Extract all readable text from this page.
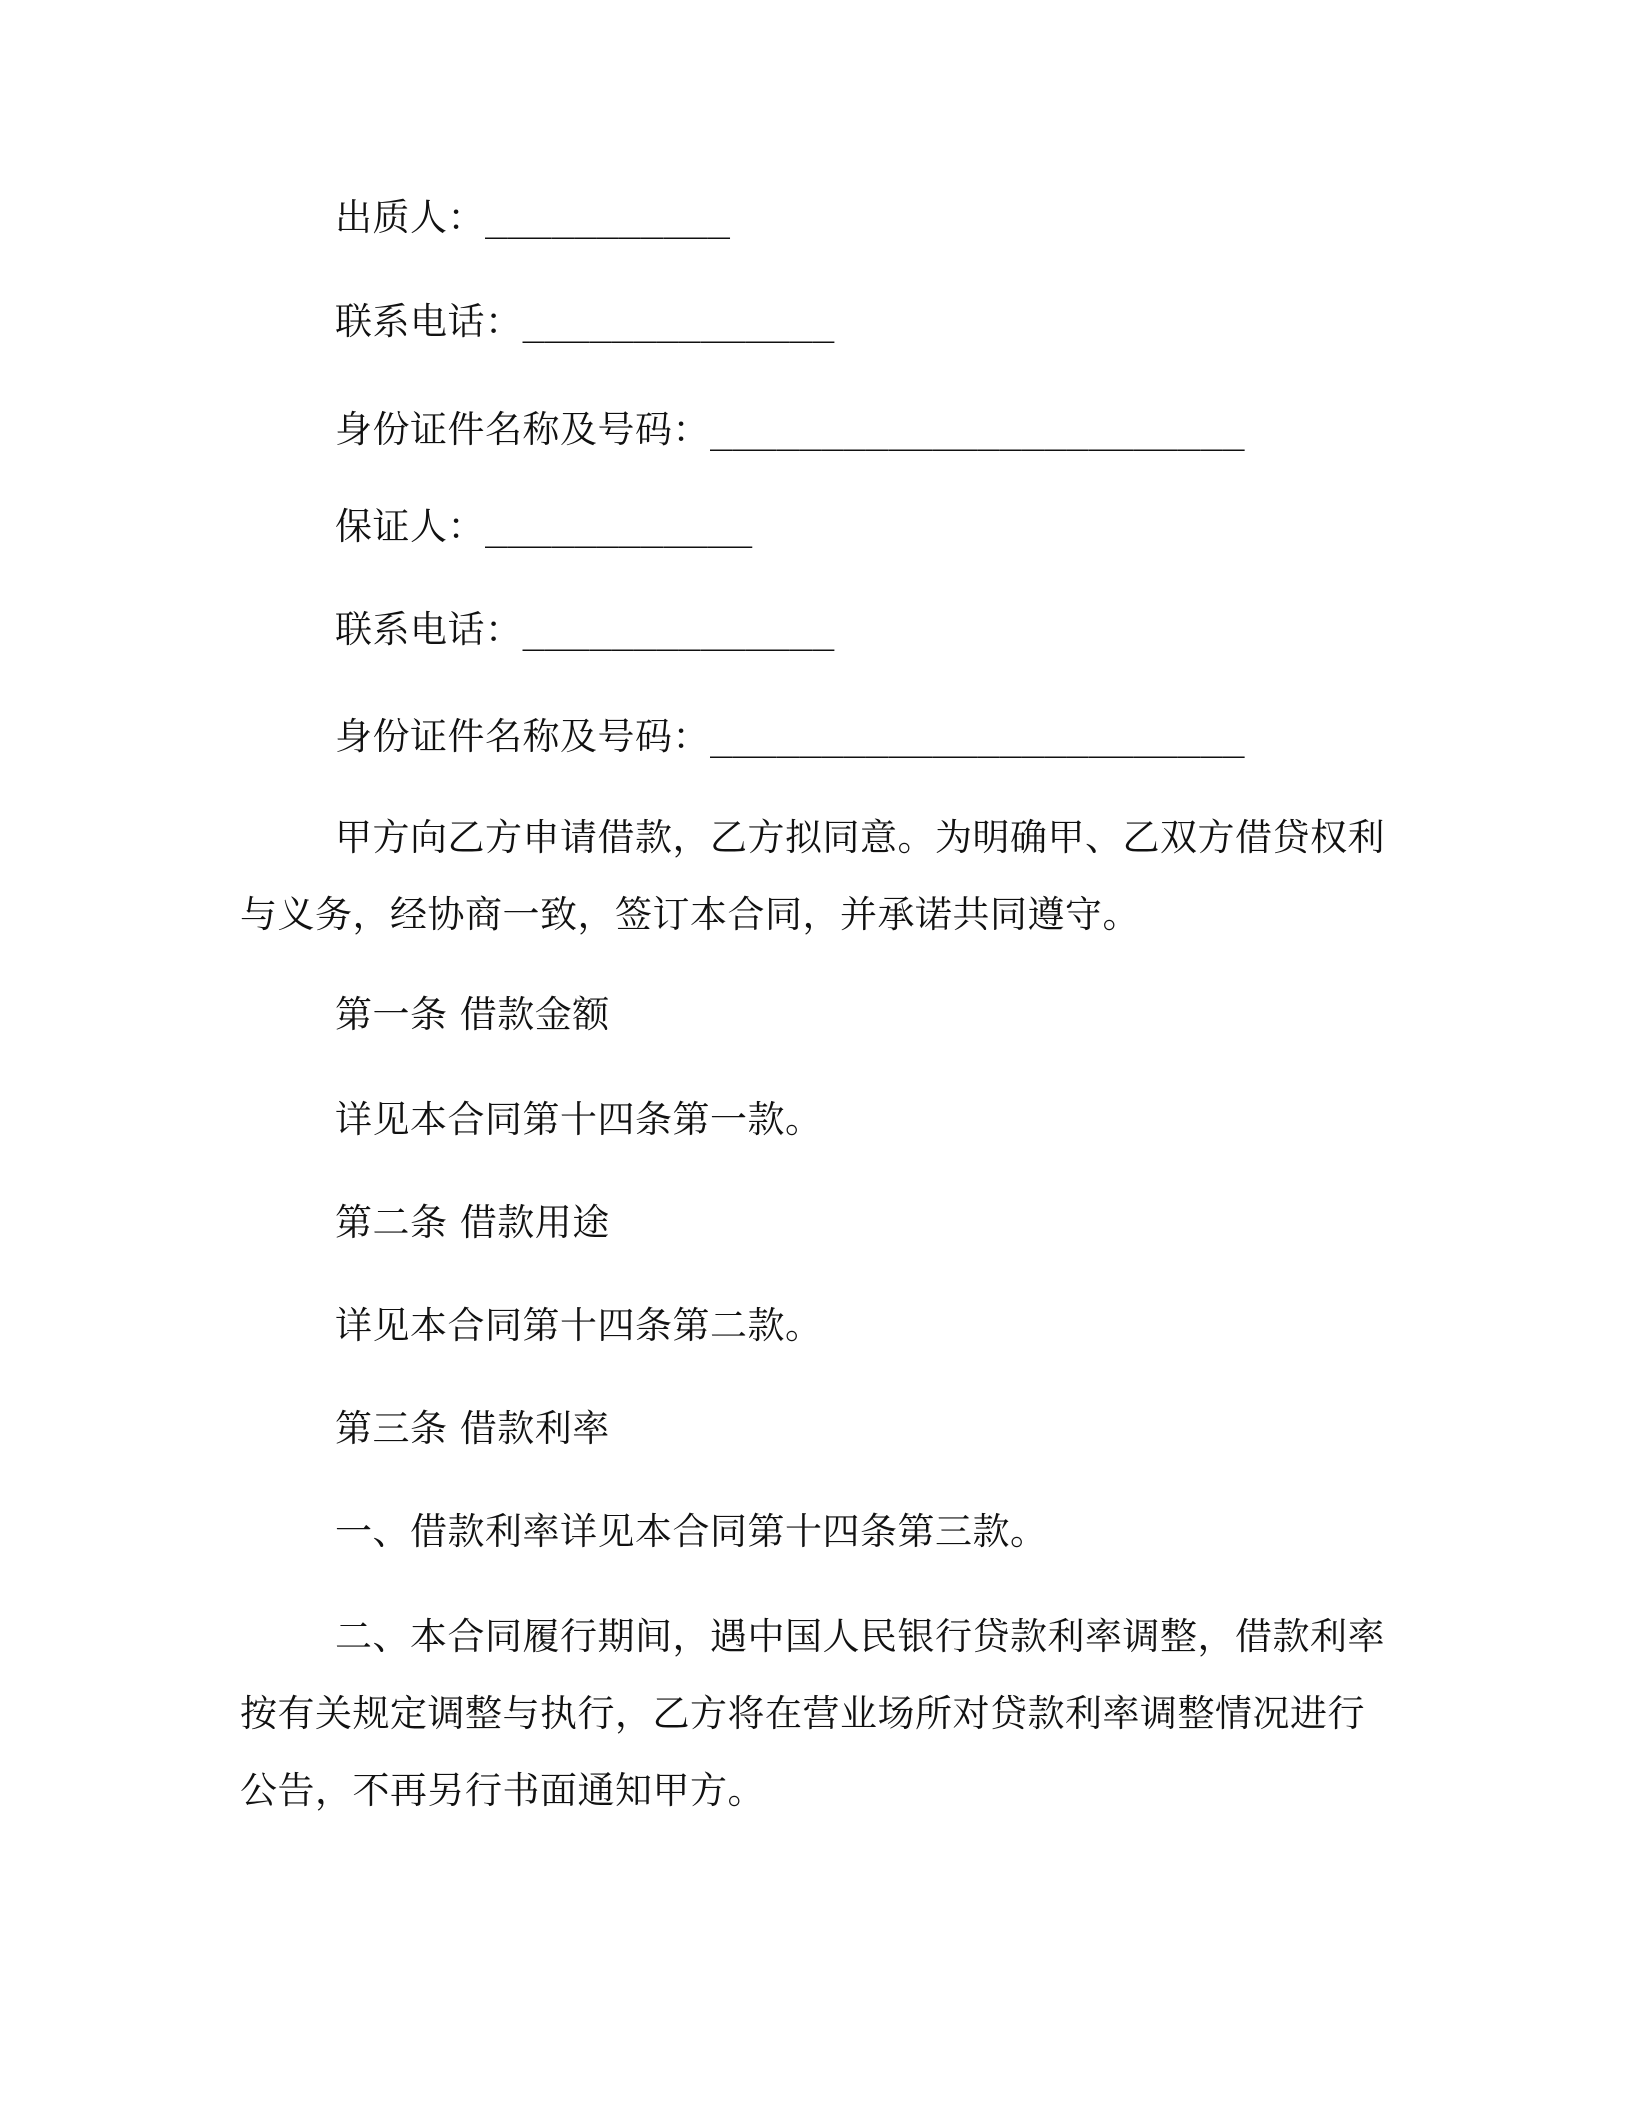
出质人：___________
联系电话：______________
身份证件名称及号码：________________________
保证人：____________
联系电话：______________
身份证件名称及号码：________________________
甲方向乙方申请借款，乙方拟同意。为明确甲、乙双方借贷权利
与义务，经协商一致，签订本合同，并承诺共同遵守。
第一条 借款金额
详见本合同第十四条第一款。
第二条 借款用途
详见本合同第十四条第二款。
第三条 借款利率
一、借款利率详见本合同第十四条第三款。
二、本合同履行期间，遇中国人民银行贷款利率调整，借款利率
按有关规定调整与执行，乙方将在营业场所对贷款利率调整情况进行
公告，不再另行书面通知甲方。
